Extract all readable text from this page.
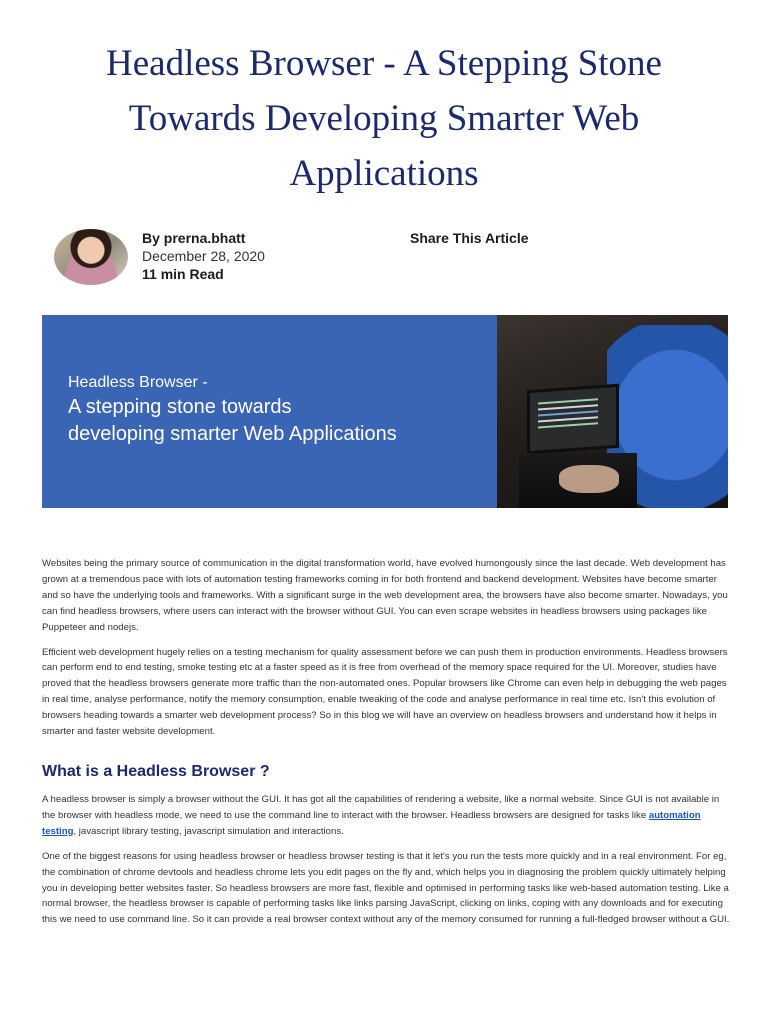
Headless Browser - A Stepping Stone Towards Developing Smarter Web Applications
By prerna.bhatt
December 28, 2020
11 min Read
Share This Article
Headless Browser -
A stepping stone towards
developing smarter Web Applications

Websites being the primary source of communication in the digital transformation world, have evolved humongously since the last decade. Web development has grown at a tremendous pace with lots of automation testing frameworks coming in for both frontend and backend development. Websites have become smarter and so have the underlying tools and frameworks. With a significant surge in the web development area, the browsers have also become smarter. Nowadays, you can find headless browsers, where users can interact with the browser without GUI. You can even scrape websites in headless browsers using packages like Puppeteer and nodejs.

Efficient web development hugely relies on a testing mechanism for quality assessment before we can push them in production environments. Headless browsers can perform end to end testing, smoke testing etc at a faster speed as it is free from overhead of the memory space required for the UI. Moreover, studies have proved that the headless browsers generate more traffic than the non-automated ones. Popular browsers like Chrome can even help in debugging the web pages in real time, analyse performance, notify the memory consumption, enable tweaking of the code and analyse performance in real time etc. Isn't this evolution of browsers heading towards a smarter web development process? So in this blog we will have an overview on headless browsers and understand how it helps in smarter and faster website development.

What is a Headless Browser ?

A headless browser is simply a browser without the GUI. It has got all the capabilities of rendering a website, like a normal website. Since GUI is not available in the browser with headless mode, we need to use the command line to interact with the browser. Headless browsers are designed for tasks like automation testing, javascript library testing, javascript simulation and interactions.

One of the biggest reasons for using headless browser or headless browser testing is that it let's you run the tests more quickly and in a real environment. For eg, the combination of chrome devtools and headless chrome lets you edit pages on the fly and, which helps you in diagnosing the problem quickly ultimately helping you in developing better websites faster. So headless browsers are more fast, flexible and optimised in performing tasks like web-based automation testing. Like a normal browser, the headless browser is capable of performing tasks like links parsing JavaScript, clicking on links, coping with any downloads and for executing this we need to use command line. So it can provide a real browser context without any of the memory consumed for running a full-fledged browser without a GUI.
